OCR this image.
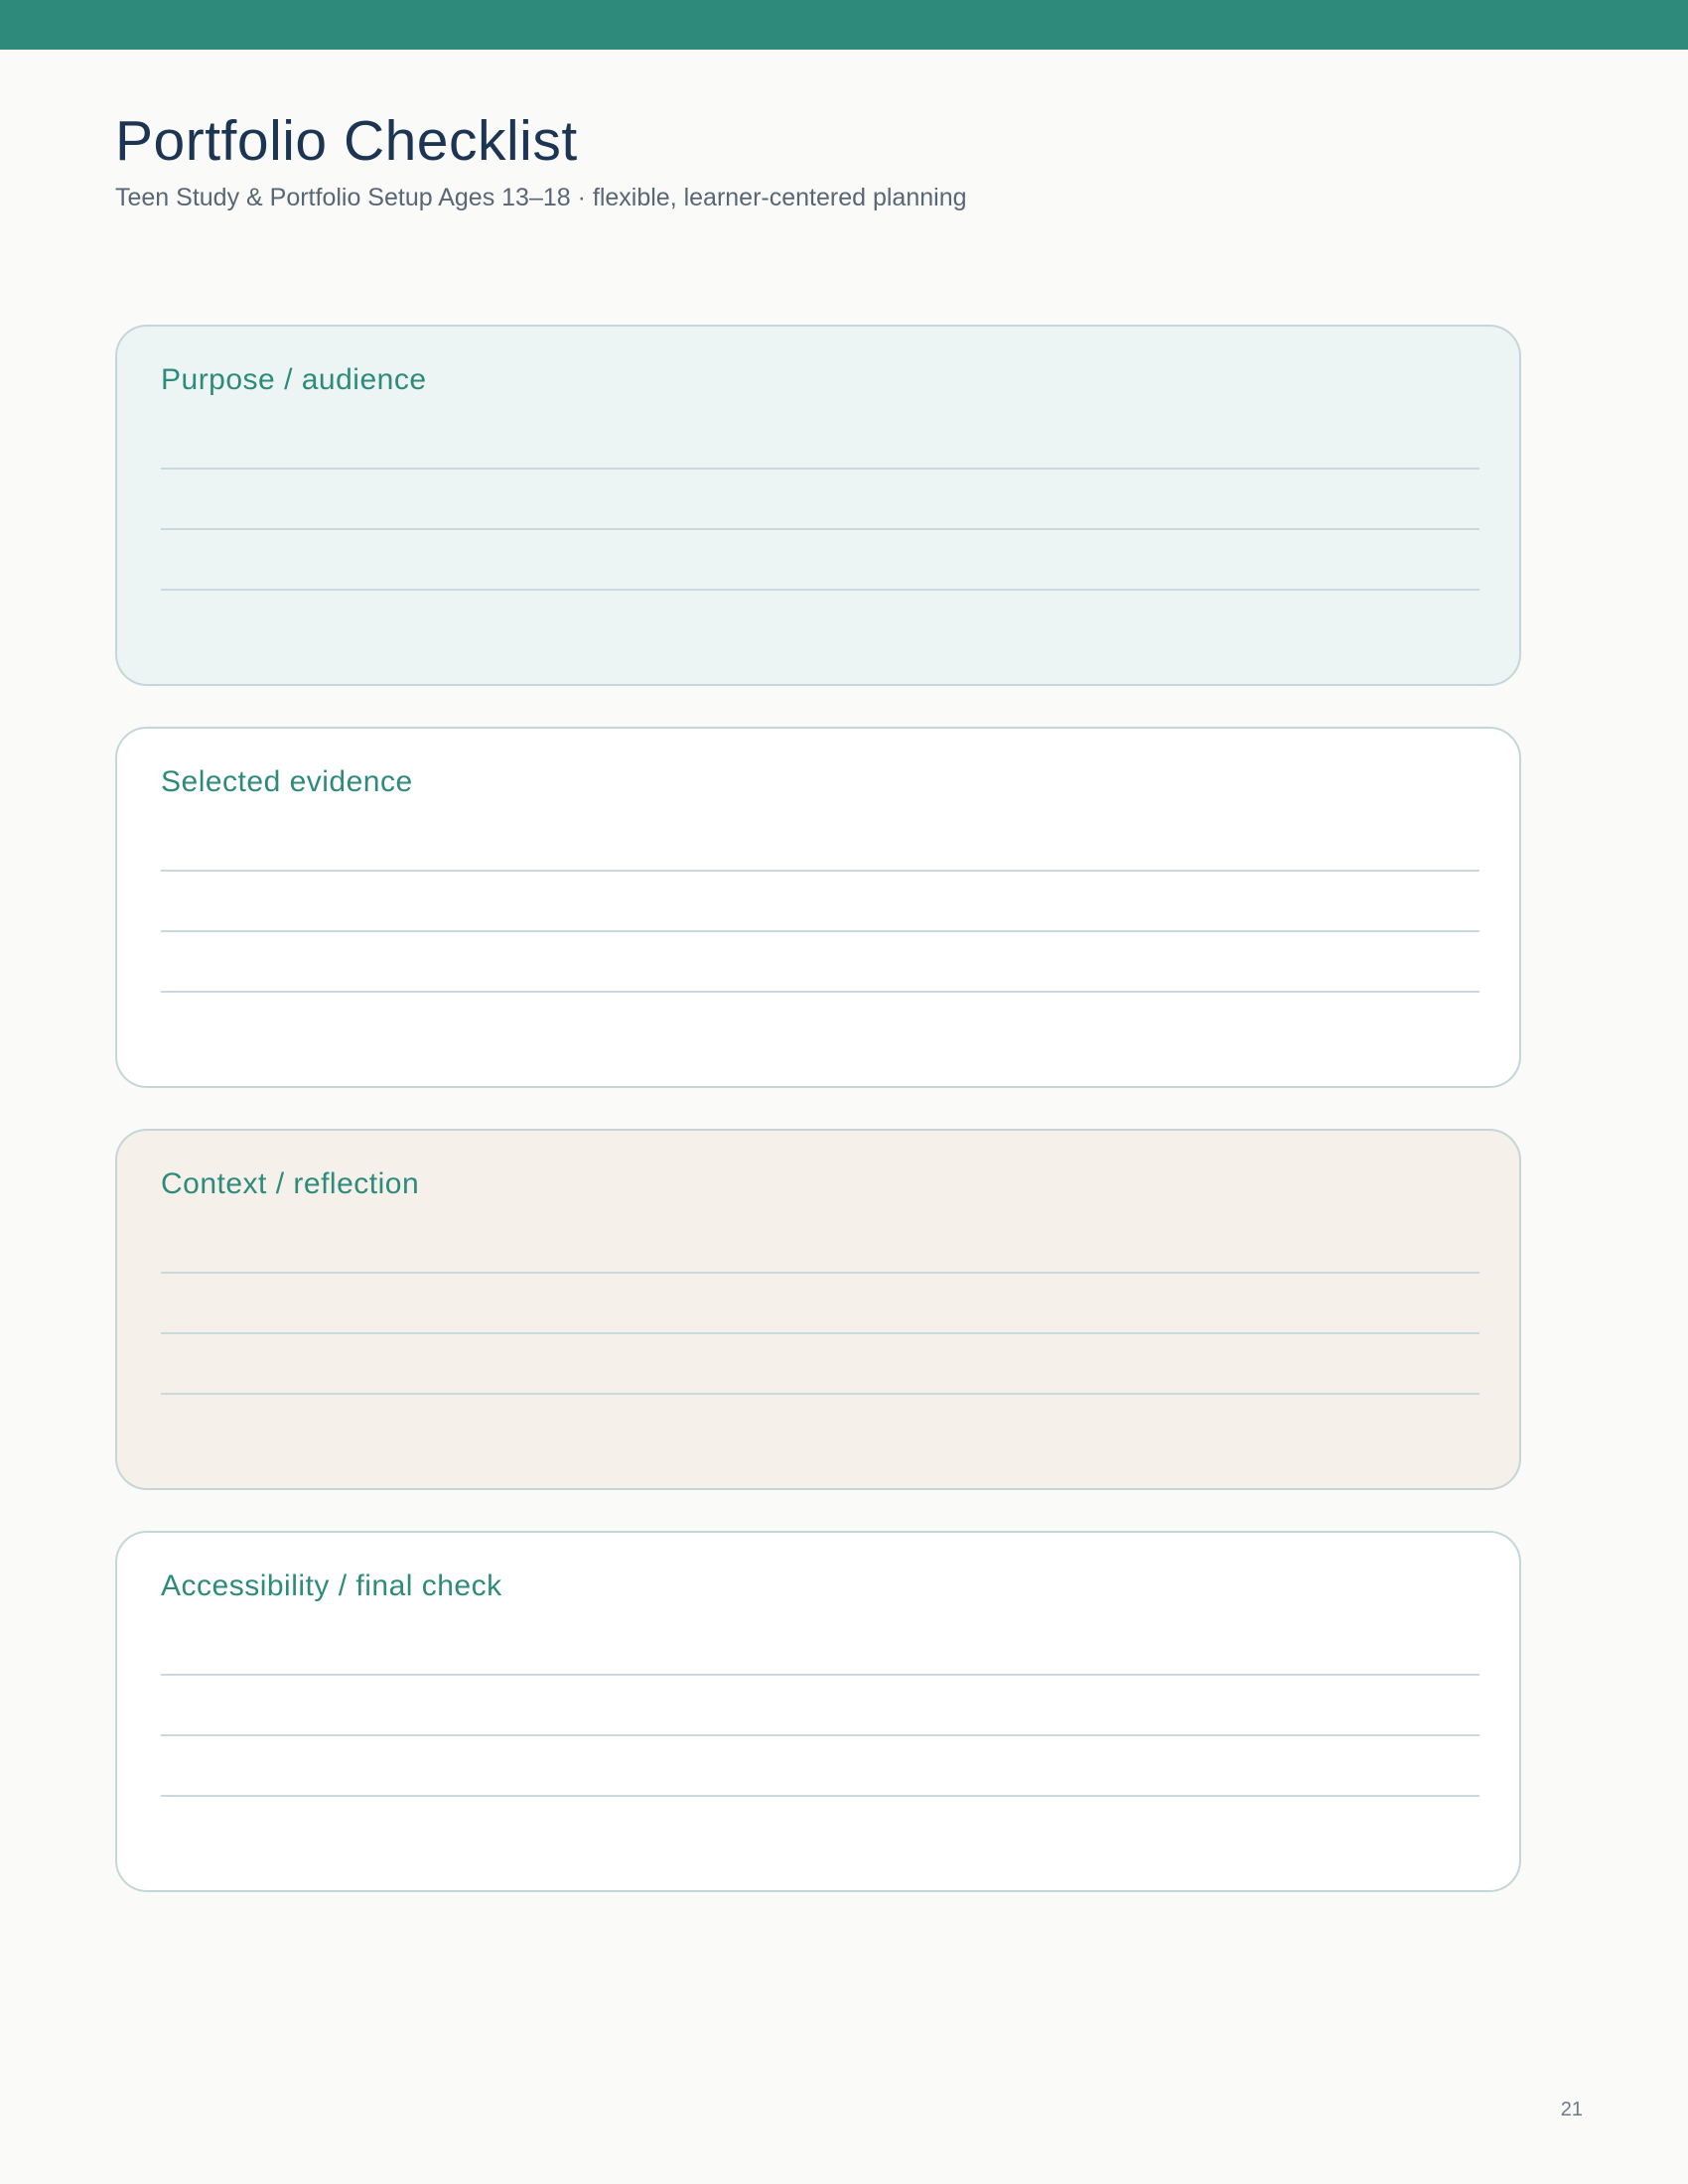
Portfolio Checklist

Teen Study & Portfolio Setup Ages 13–18 · flexible, learner-centered planning

Purpose / audience
Selected evidence
Context / reflection
Accessibility / final check
21
